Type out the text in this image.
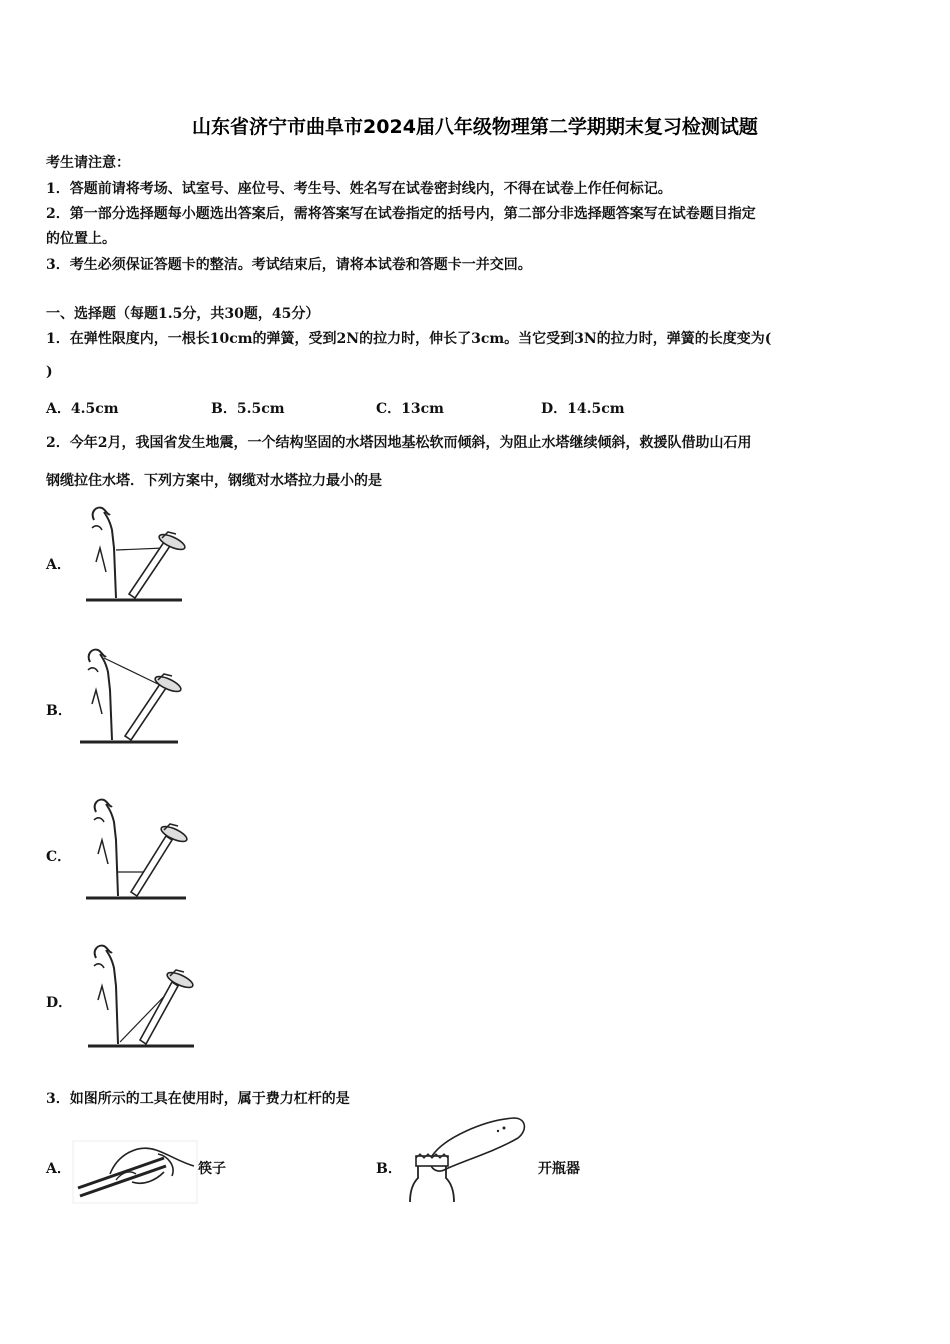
山东省济宁市曲阜市2024届八年级物理第二学期期末复习检测试题
考生请注意：
1．答题前请将考场、试室号、座位号、考生号、姓名写在试卷密封线内，不得在试卷上作任何标记。
2．第一部分选择题每小题选出答案后，需将答案写在试卷指定的括号内，第二部分非选择题答案写在试卷题目指定
的位置上。
3．考生必须保证答题卡的整洁。考试结束后，请将本试卷和答题卡一并交回。
一、选择题（每题1.5分，共30题，45分）
1．在弹性限度内，一根长10cm的弹簧，受到2N的拉力时，伸长了3cm。当它受到3N的拉力时，弹簧的长度变为(
)
A．4.5cm	B．5.5cm	C．13cm	D．14.5cm
2．今年2月，我国省发生地震，一个结构坚固的水塔因地基松软而倾斜，为阻止水塔继续倾斜，救援队借助山石用
钢缆拉住水塔．下列方案中，钢缆对水塔拉力最小的是
A．
B．
C．
D．
3．如图所示的工具在使用时，属于费力杠杆的是
A．	筷子	B．	开瓶器
